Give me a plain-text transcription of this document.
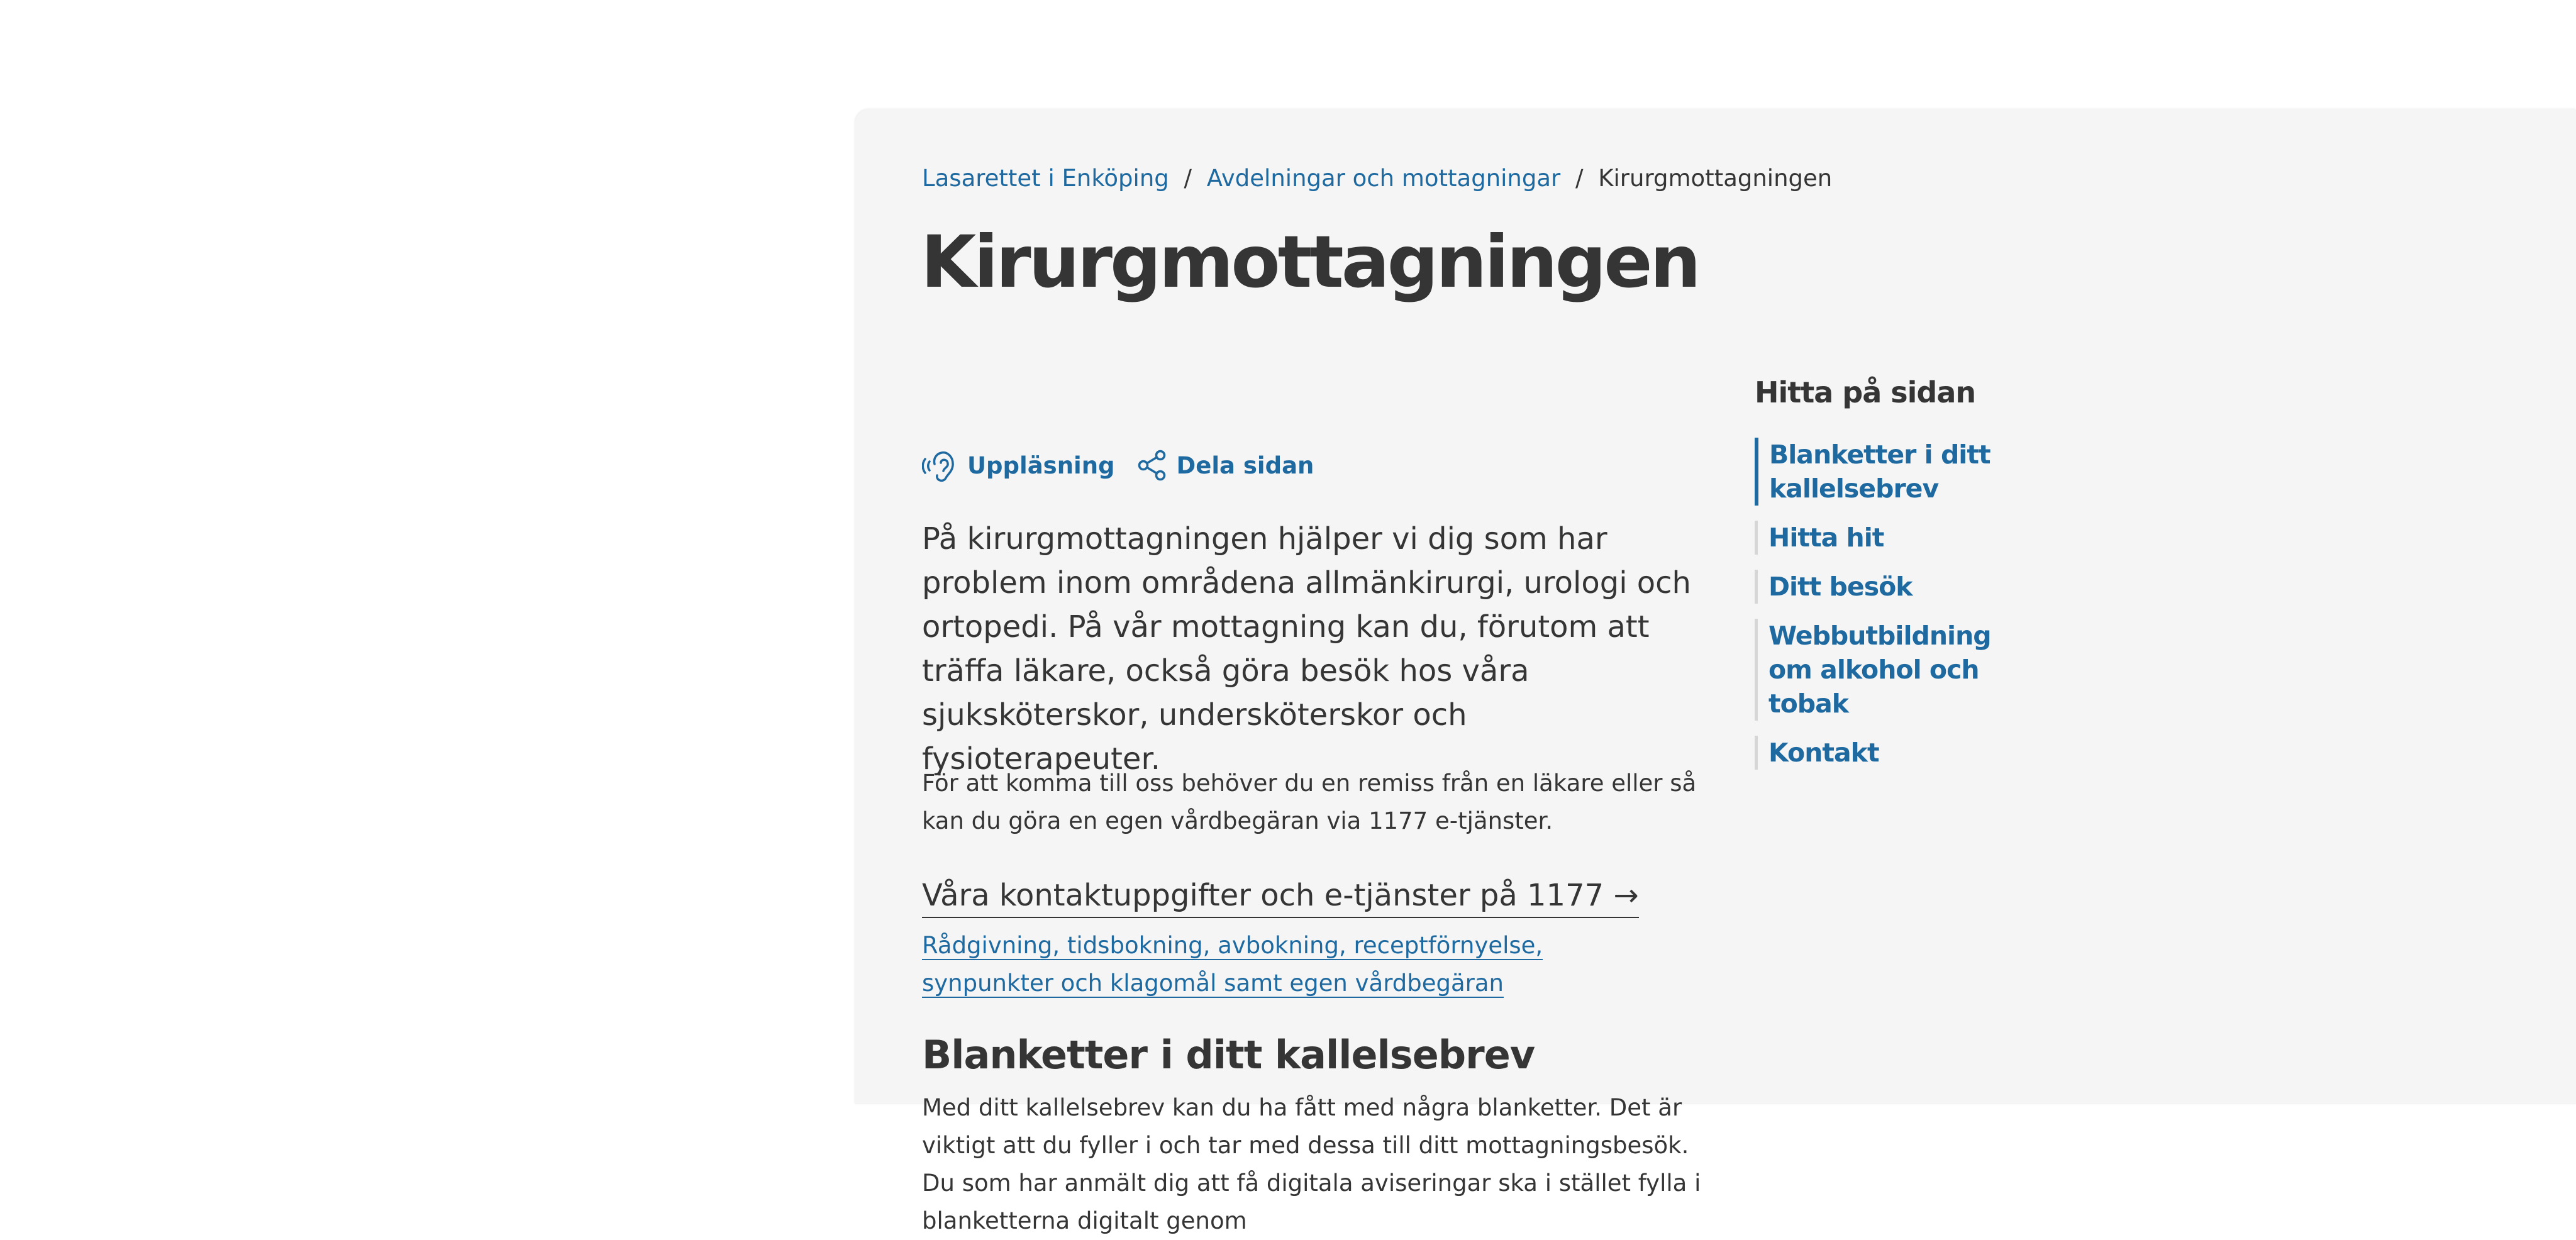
Lasarettet i Enköping / Avdelningar och mottagningar / Kirurgmottagningen
Kirurgmottagningen
Uppläsning	Dela sidan

På kirurgmottagningen hjälper vi dig som har problem inom områdena allmänkirurgi, urologi och ortopedi. På vår mottagning kan du, förutom att träffa läkare, också göra besök hos våra sjuksköterskor, undersköterskor och fysioterapeuter.

För att komma till oss behöver du en remiss från en läkare eller så kan du göra en egen vårdbegäran via 1177 e-tjänster.

Våra kontaktuppgifter och e-tjänster på 1177 →

Rådgivning, tidsbokning, avbokning, receptförnyelse, synpunkter och klagomål samt egen vårdbegäran

Blanketter i ditt kallelsebrev

Med ditt kallelsebrev kan du ha fått med några blanketter. Det är viktigt att du fyller i och tar med dessa till ditt mottagningsbesök. Du som har anmält dig att få digitala aviseringar ska i stället fylla i blanketterna digitalt genom

Hitta på sidan
Blanketter i ditt kallelsebrev
Hitta hit
Ditt besök
Webbutbildning om alkohol och tobak
Kontakt
